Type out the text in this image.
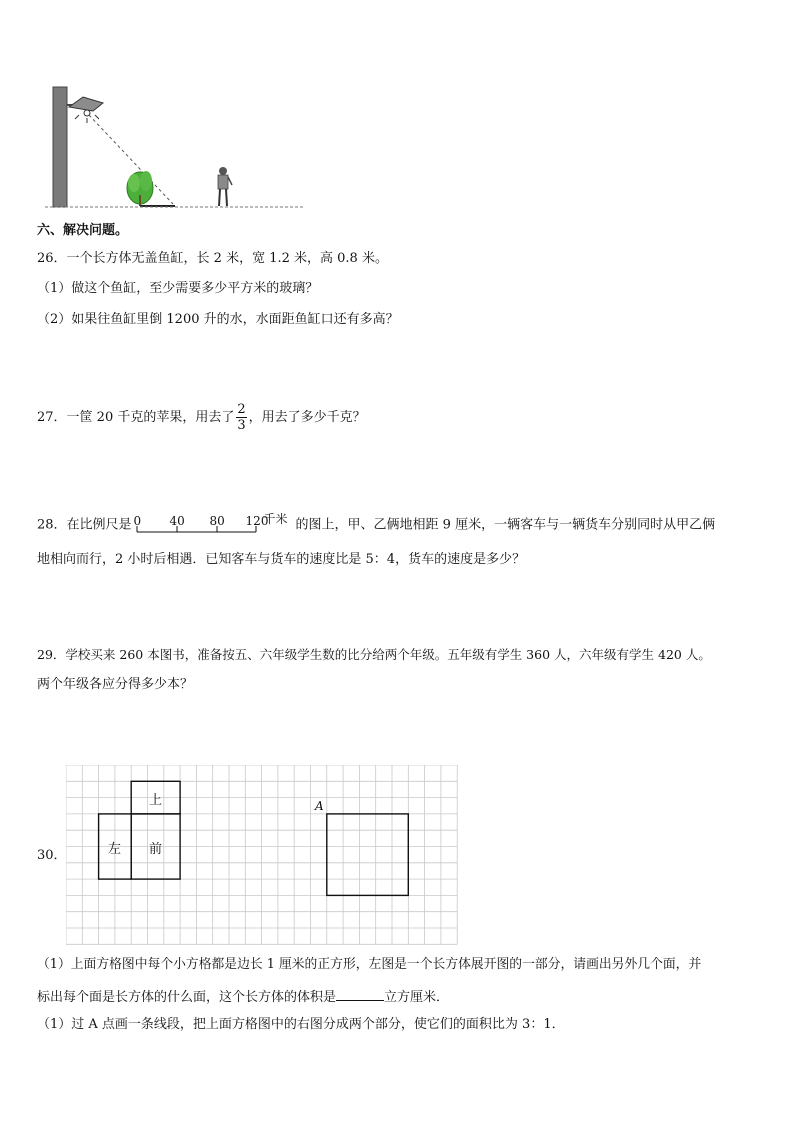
六、解决问题。
26．一个长方体无盖鱼缸，长 2 米，宽 1.2 米，高 0.8 米。
（1）做这个鱼缸，至少需要多少平方米的玻璃？
（2）如果往鱼缸里倒 1200 升的水，水面距鱼缸口还有多高？
27．一筐 20 千克的苹果，用去了 $\frac{2}{3}$ ，用去了多少千克？
28．在比例尺是 0 40 80 120
千米 的图上，甲、乙俩地相距 9 厘米，一辆客车与一辆货车分别同时从甲乙俩
地相向而行，2 小时后相遇．已知客车与货车的速度比是 5：4，货车的速度是多少？
29．学校买来 260 本图书，准备按五、六年级学生数的比分给两个年级。五年级有学生 360 人，六年级有学生 420 人。
两个年级各应分得多少本？
30．
上
左 前
A
（1）上面方格图中每个小方格都是边长 1 厘米的正方形，左图是一个长方体展开图的一部分，请画出另外几个面，并
标出每个面是长方体的什么面，这个长方体的体积是	立方厘米．
（1）过 A 点画一条线段，把上面方格图中的右图分成两个部分，使它们的面积比为 3：1．
